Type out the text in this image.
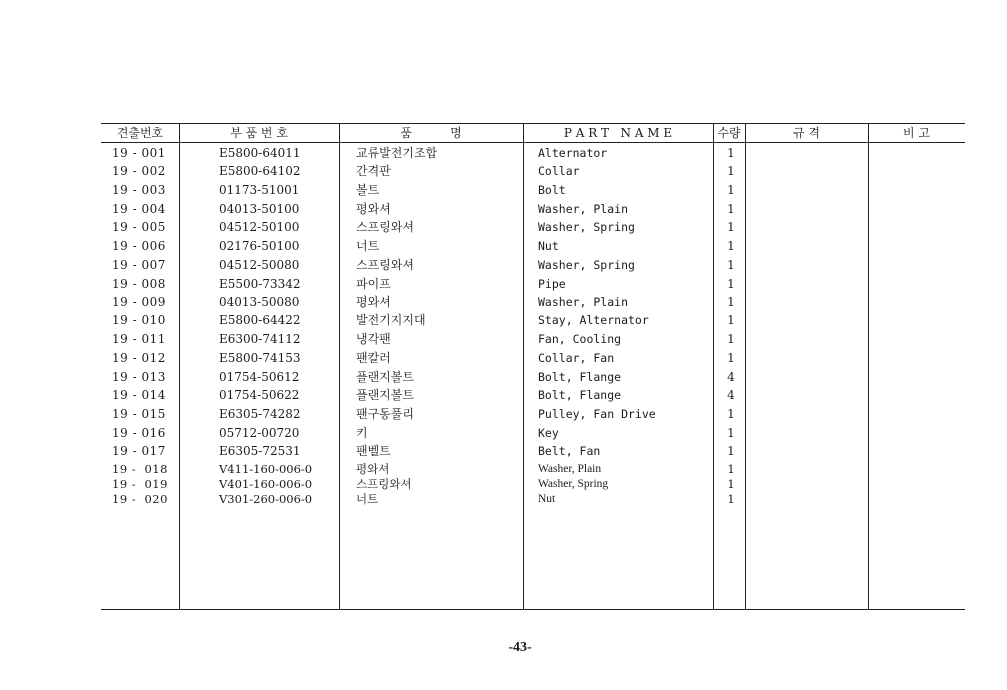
견출번호	부 품 번 호	품          명	P A R T   N A M E	수량	규 격	비 고
19 - 001	E5800-64011	교류발전기조합	Alternator	1
19 - 002	E5800-64102	간격판	Collar	1
19 - 003	01173-51001	볼트	Bolt	1
19 - 004	04013-50100	평와셔	Washer, Plain	1
19 - 005	04512-50100	스프링와셔	Washer, Spring	1
19 - 006	02176-50100	너트	Nut	1
19 - 007	04512-50080	스프링와셔	Washer, Spring	1
19 - 008	E5500-73342	파이프	Pipe	1
19 - 009	04013-50080	평와셔	Washer, Plain	1
19 - 010	E5800-64422	발전기지지대	Stay, Alternator	1
19 - 011	E6300-74112	냉각팬	Fan, Cooling	1
19 - 012	E5800-74153	팬칼러	Collar, Fan	1
19 - 013	01754-50612	플랜지볼트	Bolt, Flange	4
19 - 014	01754-50622	플랜지볼트	Bolt, Flange	4
19 - 015	E6305-74282	팬구동풀리	Pulley, Fan Drive	1
19 - 016	05712-00720	키	Key	1
19 - 017	E6305-72531	팬벨트	Belt, Fan	1
19 -  018	V411-160-006-0	평와셔	Washer, Plain	1
19 -  019	V401-160-006-0	스프링와셔	Washer, Spring	1
19 -  020	V301-260-006-0	너트	Nut	1
-43-
